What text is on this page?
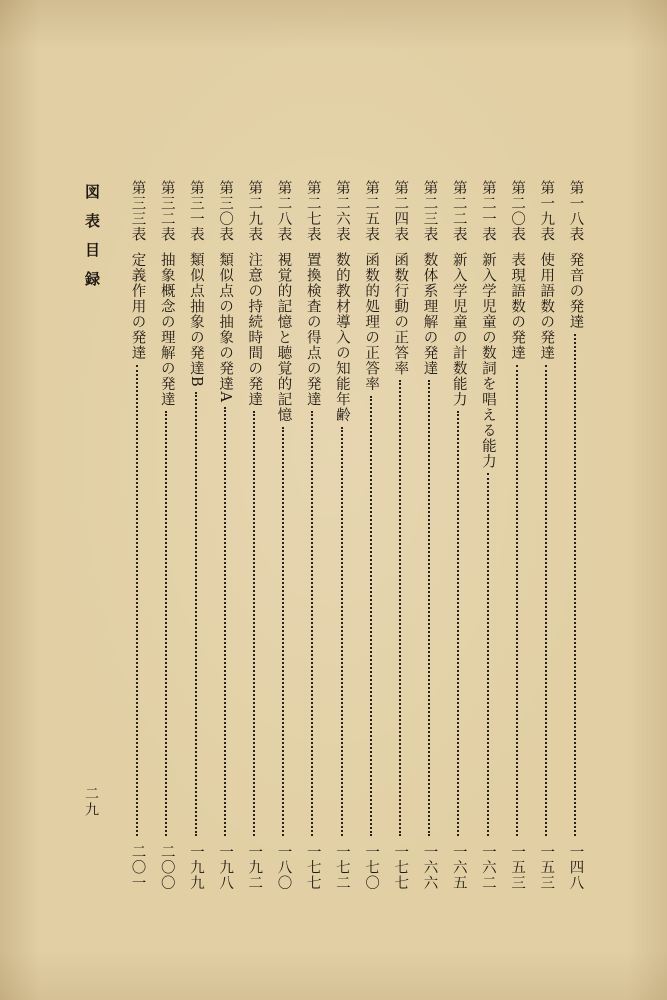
第一八表
発音の発達
一四八
第一九表
使用語数の発達
一五三
第二〇表
表現語数の発達
一五三
第二一表
新入学児童の数詞を唱える能力
一六二
第二二表
新入学児童の計数能力
一六五
第二三表
数体系理解の発達
一六六
第二四表
函数行動の正答率
一七七
第二五表
函数的処理の正答率
一七〇
第二六表
数的教材導入の知能年齢
一七二
第二七表
置換検査の得点の発達
一七七
第二八表
視覚的記憶と聴覚的記憶
一八〇
第二九表
注意の持続時間の発達
一九二
第三〇表
類似点の抽象の発達A
一九八
第三一表
類似点抽象の発達B
一九九
第三二表
抽象概念の理解の発達
二〇〇
第三三表
定義作用の発達
二〇一
図表目録
二九
